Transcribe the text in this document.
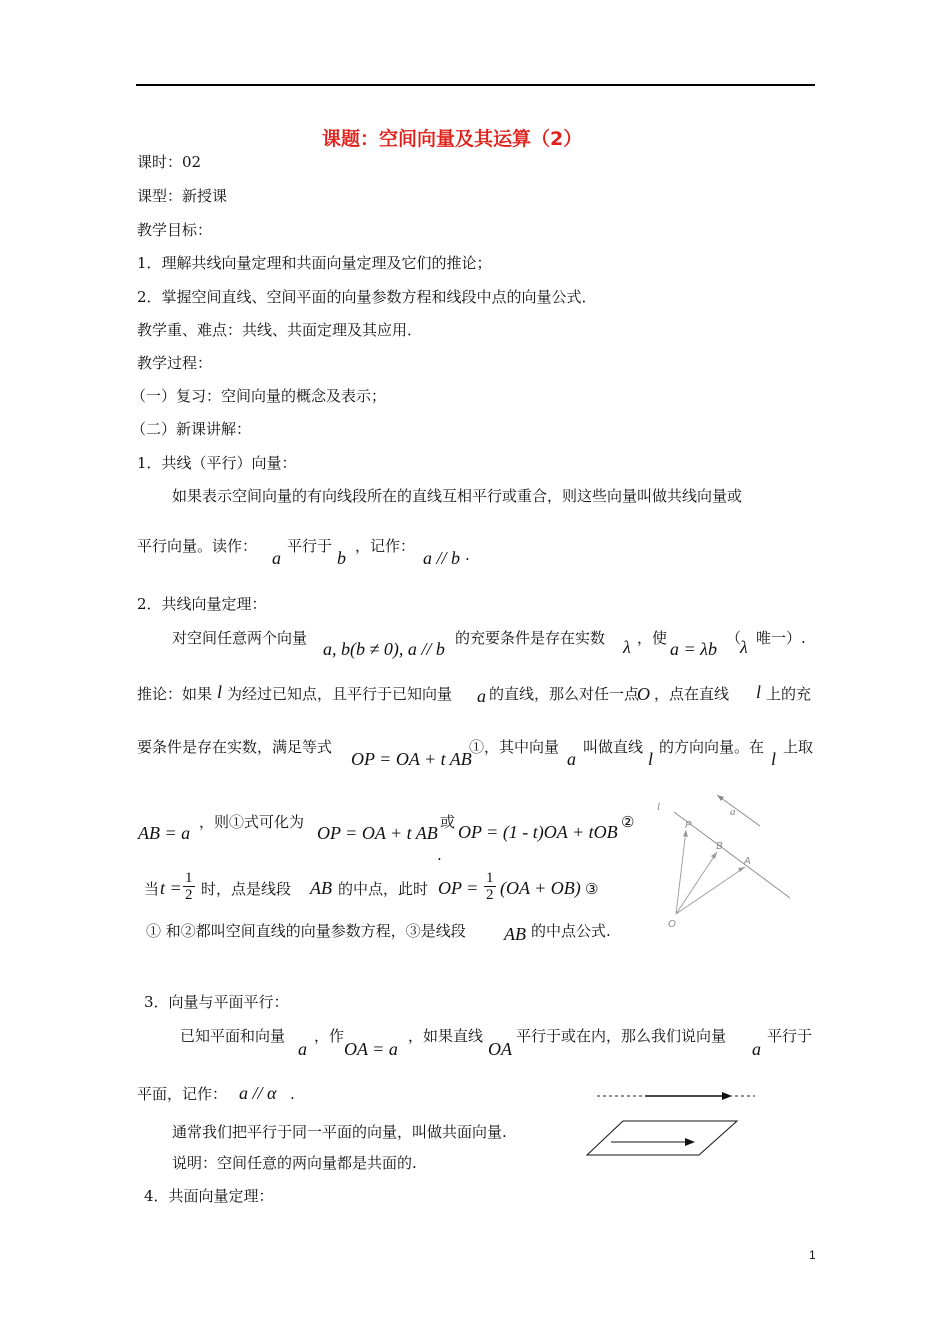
课题：空间向量及其运算（2）
课时：02
课型：新授课
教学目标：
1．理解共线向量定理和共面向量定理及它们的推论；
2．掌握空间直线、空间平面的向量参数方程和线段中点的向量公式．
教学重、难点：共线、共面定理及其应用．
教学过程：
（一）复习：空间向量的概念及表示；
（二）新课讲解：
1．共线（平行）向量：
如果表示空间向量的有向线段所在的直线互相平行或重合，则这些向量叫做共线向量或
平行向量。读作：
a
平行于
b
，记作：
a // b .
2．共线向量定理：
对空间任意两个向量
a, b(b ≠ 0), a // b
的充要条件是存在实数 λ ，使
a = λb
（
λ 唯一）.
推论：如果 l 为经过已知点，且平行于已知向量 a 的直线，那么对任一点
O ，点在直线 l 上的充
要条件是存在实数，满足等式
OP = OA + t AB
①，其中向量
a
叫做直线
l
的方向向量。在
l
上取
AB = a
，则①式可化为
OP = OA + t AB
或 OP = (1 - t)OA + tOB ②
.
当 $t = \frac{1}{2}$ 时，点是线段 AB 的中点，此时 OP = $\frac{1}{2} (OA + OB)$ ③
① 和②都叫空间直线的向量参数方程，③是线段 AB 的中点公式.
l	a
P
B
A
O
3．向量与平面平行：
已知平面和向量
a
，作
OA = a
，如果直线
OA
平行于或在内，那么我们说向量
a
平行于
平面，记作： a // α .
通常我们把平行于同一平面的向量，叫做共面向量.
说明：空间任意的两向量都是共面的.
4．共面向量定理：
1
